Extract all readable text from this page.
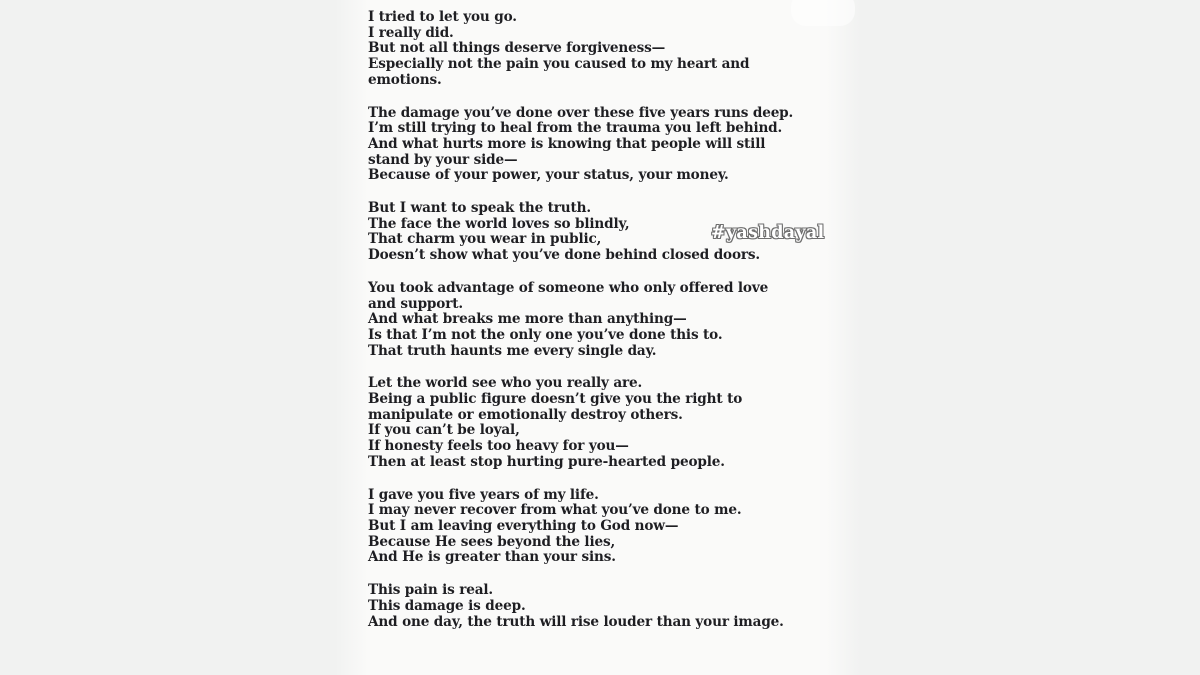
I tried to let you go.
I really did.
But not all things deserve forgiveness—
Especially not the pain you caused to my heart and
emotions.

The damage you’ve done over these five years runs deep.
I’m still trying to heal from the trauma you left behind.
And what hurts more is knowing that people will still
stand by your side—
Because of your power, your status, your money.

But I want to speak the truth.
The face the world loves so blindly,
That charm you wear in public,
Doesn’t show what you’ve done behind closed doors.

You took advantage of someone who only offered love
and support.
And what breaks me more than anything—
Is that I’m not the only one you’ve done this to.
That truth haunts me every single day.

Let the world see who you really are.
Being a public figure doesn’t give you the right to
manipulate or emotionally destroy others.
If you can’t be loyal,
If honesty feels too heavy for you—
Then at least stop hurting pure-hearted people.

I gave you five years of my life.
I may never recover from what you’ve done to me.
But I am leaving everything to God now—
Because He sees beyond the lies,
And He is greater than your sins.

This pain is real.
This damage is deep.
And one day, the truth will rise louder than your image.

#yashdayal
